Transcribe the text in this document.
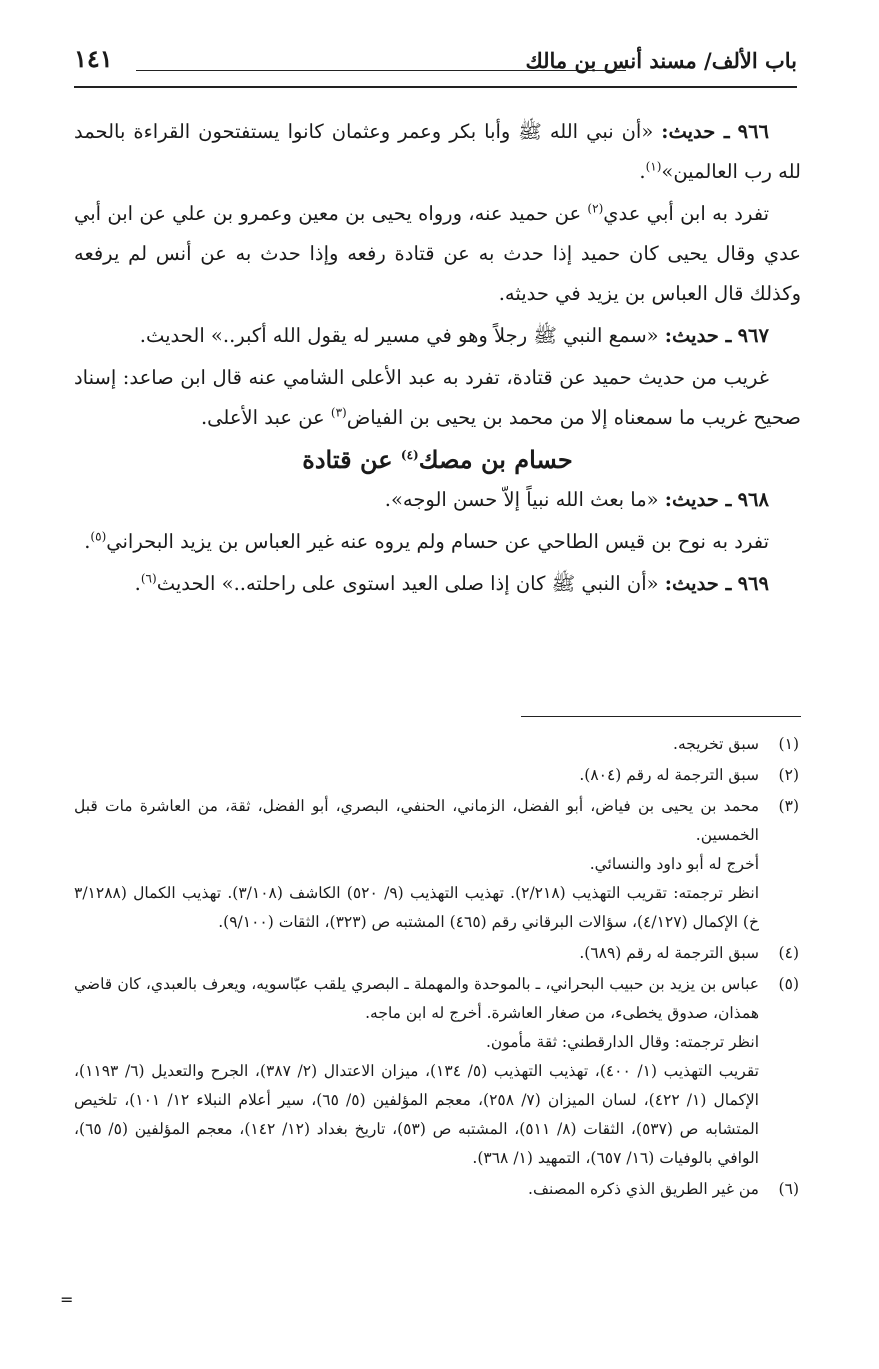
باب الألف/ مسند أنس بن مالك
١٤١

٩٦٦ ـ حديث: «أن نبي الله ﷺ وأبا بكر وعمر وعثمان كانوا يستفتحون القراءة بالحمد لله رب العالمين»$^{(١)}$.

تفرد به ابن أبي عدي$^{(٢)}$ عن حميد عنه، ورواه يحيى بن معين وعمرو بن علي عن ابن أبي عدي وقال يحيى كان حميد إذا حدث به عن قتادة رفعه وإذا حدث به عن أنس لم يرفعه وكذلك قال العباس بن يزيد في حديثه.

٩٦٧ ـ حديث: «سمع النبي ﷺ رجلاً وهو في مسير له يقول الله أكبر..» الحديث.

غريب من حديث حميد عن قتادة، تفرد به عبد الأعلى الشامي عنه قال ابن صاعد: إسناد صحيح غريب ما سمعناه إلا من محمد بن يحيى بن الفياض$^{(٣)}$ عن عبد الأعلى.

حسام بن مصك$^{(٤)}$ عن قتادة

٩٦٨ ـ حديث: «ما بعث الله نبياً إلاّ حسن الوجه».

تفرد به نوح بن قيس الطاحي عن حسام ولم يروه عنه غير العباس بن يزيد البحراني$^{(٥)}$.

٩٦٩ ـ حديث: «أن النبي ﷺ كان إذا صلى العيد استوى على راحلته..» الحديث$^{(٦)}$.

(١)

سبق تخريجه.

(٢)

سبق الترجمة له رقم (٨٠٤).

(٣)

محمد بن يحيى بن فياض، أبو الفضل، الزماني، الحنفي، البصري، أبو الفضل، ثقة، من العاشرة مات قبل الخمسين.

أخرج له أبو داود والنسائي.

انظر ترجمته: تقريب التهذيب (٢/٢١٨). تهذيب التهذيب (٩/ ٥٢٠) الكاشف (٣/١٠٨). تهذيب الكمال (٣/١٢٨٨ خ) الإكمال (٤/١٢٧)، سؤالات البرقاني رقم (٤٦٥) المشتبه ص (٣٢٣)، الثقات (٩/١٠٠).

(٤)

سبق الترجمة له رقم (٦٨٩).

(٥)

عباس بن يزيد بن حبيب البحراني، ـ بالموحدة والمهملة ـ البصري يلقب عبّاسويه، ويعرف بالعبدي، كان قاضي همذان، صدوق يخطىء، من صغار العاشرة. أخرج له ابن ماجه.

انظر ترجمته: وقال الدارقطني: ثقة مأمون.

تقريب التهذيب (١/ ٤٠٠)، تهذيب التهذيب (٥/ ١٣٤)، ميزان الاعتدال (٢/ ٣٨٧)، الجرح والتعديل (٦/ ١١٩٣)، الإكمال (١/ ٤٢٢)، لسان الميزان (٧/ ٢٥٨)، معجم المؤلفين (٥/ ٦٥)، سير أعلام النبلاء ١٢/ ١٠١)، تلخيص المتشابه ص (٥٣٧)، الثقات (٨/ ٥١١)، المشتبه ص (٥٣)، تاريخ بغداد (١٢/ ١٤٢)، معجم المؤلفين (٥/ ٦٥)، الوافي بالوفيات (١٦/ ٦٥٧)، التمهيد (١/ ٣٦٨).

(٦)

من غير الطريق الذي ذكره المصنف.

=
